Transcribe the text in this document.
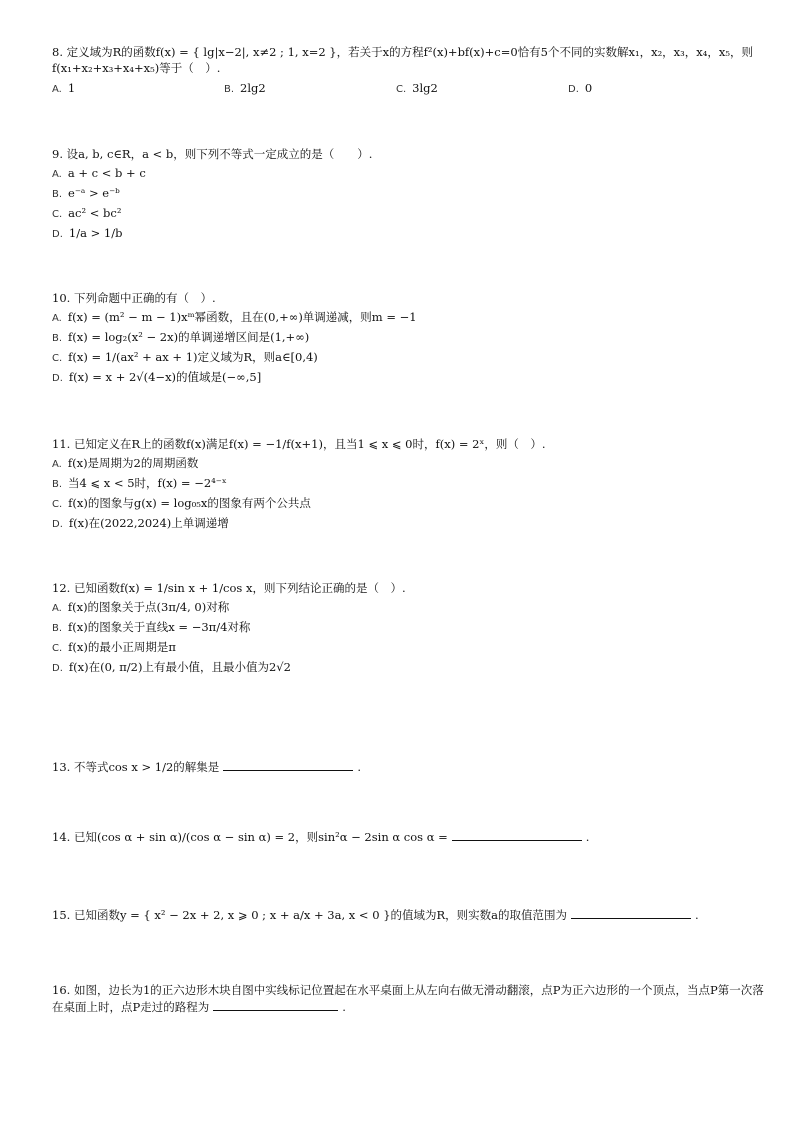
8. 定义域为R的函数f(x) = { lg|x−2|, x≠2 ; 1, x=2 }，若关于x的方程f²(x)+bf(x)+c=0恰有5个不同的实数解x₁，x₂，x₃，x₄，x₅，则f(x₁+x₂+x₃+x₄+x₅)等于（　）.
A. 1	B. 2lg2	C. 3lg2	D. 0
9. 设a, b, c∈R，a < b，则下列不等式一定成立的是（　　）.
A. a + c < b + c
B. e⁻ᵃ > e⁻ᵇ
C. ac² < bc²
D. 1/a > 1/b
10. 下列命题中正确的有（　）.
A. f(x) = (m² − m − 1)xᵐ幂函数，且在(0,+∞)单调递减，则m = −1
B. f(x) = log₂(x² − 2x)的单调递增区间是(1,+∞)
C. f(x) = 1/(ax² + ax + 1)定义域为R，则a∈[0,4)
D. f(x) = x + 2√(4−x)的值域是(−∞,5]
11. 已知定义在R上的函数f(x)满足f(x) = −1/f(x+1)，且当1 ⩽ x ⩽ 0时，f(x) = 2ˣ，则（　）.
A. f(x)是周期为2的周期函数
B. 当4 ⩽ x < 5时，f(x) = −2⁴⁻ˣ
C. f(x)的图象与g(x) = log₀₅x的图象有两个公共点
D. f(x)在(2022,2024)上单调递增
12. 已知函数f(x) = 1/sin x + 1/cos x，则下列结论正确的是（　）.
A. f(x)的图象关于点(3π/4, 0)对称
B. f(x)的图象关于直线x = −3π/4对称
C. f(x)的最小正周期是π
D. f(x)在(0, π/2)上有最小值，且最小值为2√2
13. 不等式cos x > 1/2的解集是	.
14. 已知(cos α + sin α)/(cos α − sin α) = 2，则sin²α − 2sin α cos α =	.
15. 已知函数y = { x² − 2x + 2, x ⩾ 0 ; x + a/x + 3a, x < 0 }的值域为R，则实数a的取值范围为	.
16. 如图，边长为1的正六边形木块自图中实线标记位置起在水平桌面上从左向右做无滑动翻滚，点P为正六边形的一个顶点，当点P第一次落在桌面上时，点P走过的路程为	.
